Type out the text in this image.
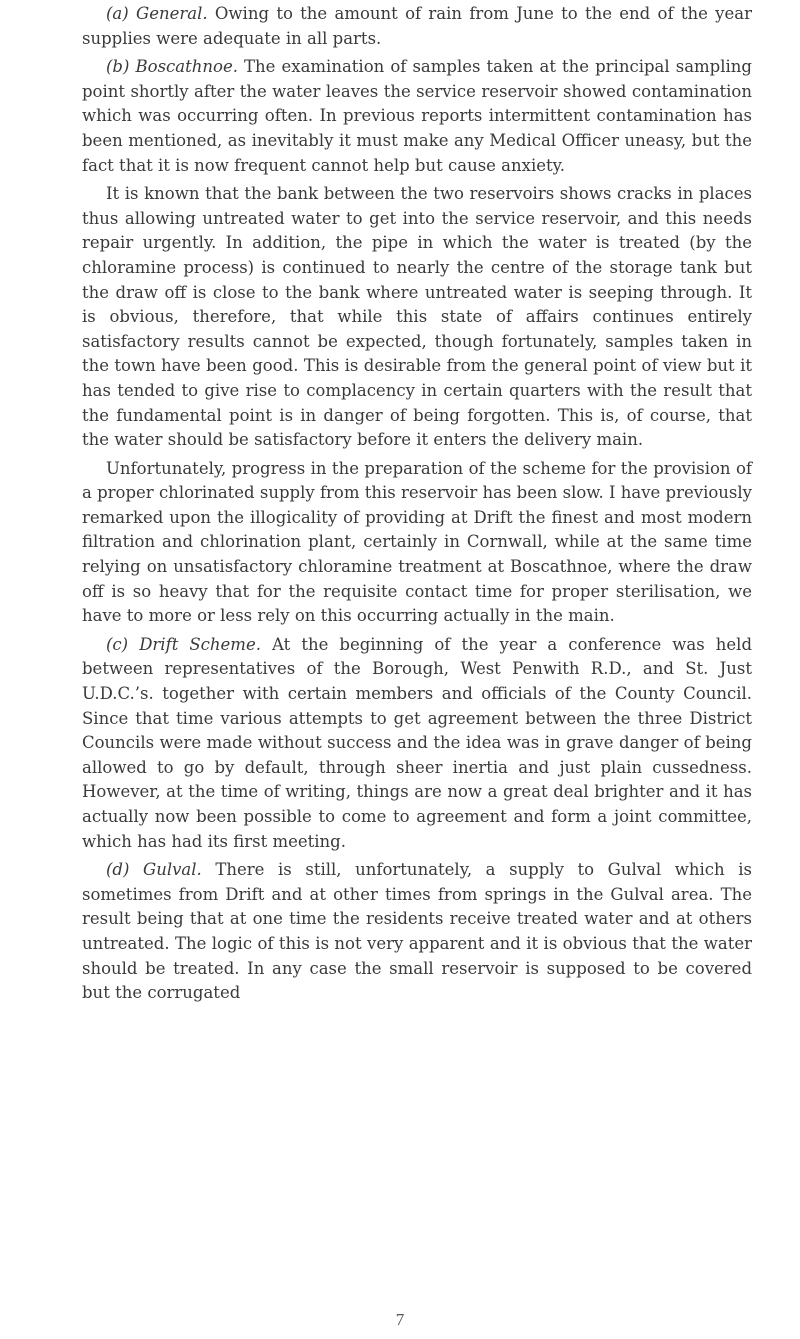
(a) General. Owing to the amount of rain from June to the end of the year supplies were adequate in all parts.

(b) Boscathnoe. The examination of samples taken at the principal sampling point shortly after the water leaves the service reservoir showed contamination which was occurring often. In previous reports intermittent contamination has been mentioned, as inevitably it must make any Medical Officer uneasy, but the fact that it is now frequent cannot help but cause anxiety.

It is known that the bank between the two reservoirs shows cracks in places thus allowing untreated water to get into the service reservoir, and this needs repair urgently. In addition, the pipe in which the water is treated (by the chloramine process) is continued to nearly the centre of the storage tank but the draw off is close to the bank where untreated water is seeping through. It is obvious, therefore, that while this state of affairs continues entirely satisfactory results cannot be expected, though fortunately, samples taken in the town have been good. This is desirable from the general point of view but it has tended to give rise to complacency in certain quarters with the result that the fundamental point is in danger of being forgotten. This is, of course, that the water should be satisfactory before it enters the delivery main.

Unfortunately, progress in the preparation of the scheme for the provision of a proper chlorinated supply from this reservoir has been slow. I have previously remarked upon the illogicality of providing at Drift the finest and most modern filtration and chlorination plant, certainly in Cornwall, while at the same time relying on unsatisfactory chloramine treatment at Boscathnoe, where the draw off is so heavy that for the requisite contact time for proper sterilisation, we have to more or less rely on this occurring actually in the main.

(c) Drift Scheme. At the beginning of the year a conference was held between representatives of the Borough, West Penwith R.D., and St. Just U.D.C.’s. together with certain members and officials of the County Council. Since that time various attempts to get agreement between the three District Councils were made without success and the idea was in grave danger of being allowed to go by default, through sheer inertia and just plain cussedness. However, at the time of writing, things are now a great deal brighter and it has actually now been possible to come to agreement and form a joint committee, which has had its first meeting.

(d) Gulval. There is still, unfortunately, a supply to Gulval which is sometimes from Drift and at other times from springs in the Gulval area. The result being that at one time the residents receive treated water and at others untreated. The logic of this is not very apparent and it is obvious that the water should be treated. In any case the small reservoir is supposed to be covered but the corrugated

7
